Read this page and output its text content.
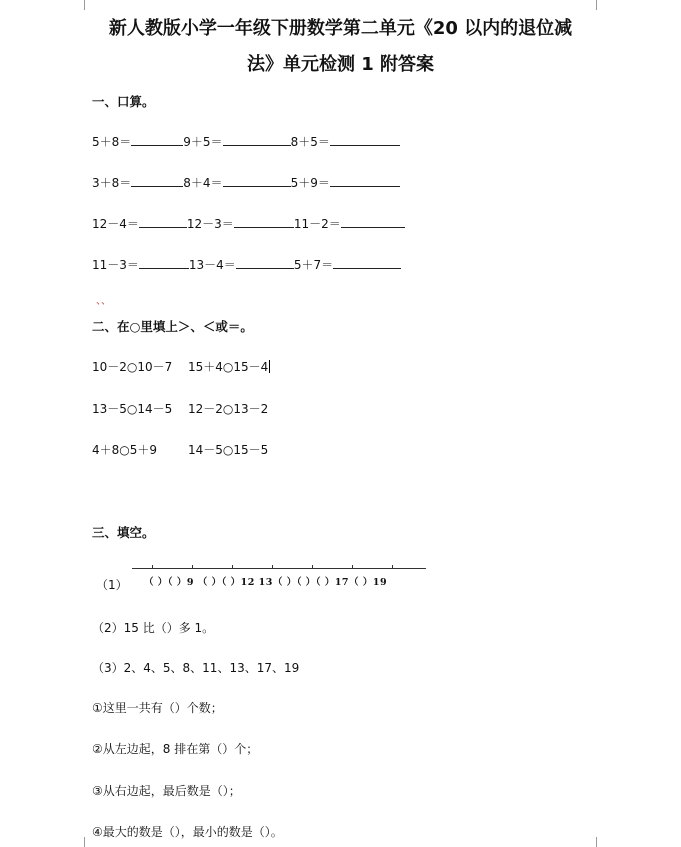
新人教版小学一年级下册数学第二单元《20 以内的退位减
法》单元检测 1 附答案
一、口算。
5＋8＝	9＋5＝	8＋5＝
3＋8＝	8＋4＝	5＋9＝
12－4＝	12－3＝	11－2＝
11－3＝	13－4＝	5＋7＝
、、
二、在○里填上＞、＜或＝。
10－2○10－7 15＋4○15－4
13－5○14－5 12－2○13－2
4＋8○5＋9	14－5○15－5
三、填空。
（1） （ ）（ ）9 （ ）（ ）12 13（ ）（ ）（ ）17（ ）19
（2）15 比（）多 1。
（3）2、4、5、8、11、13、17、19
①这里一共有（）个数；
②从左边起，8 排在第（）个；
③从右边起，最后数是（）；
④最大的数是（），最小的数是（）。
